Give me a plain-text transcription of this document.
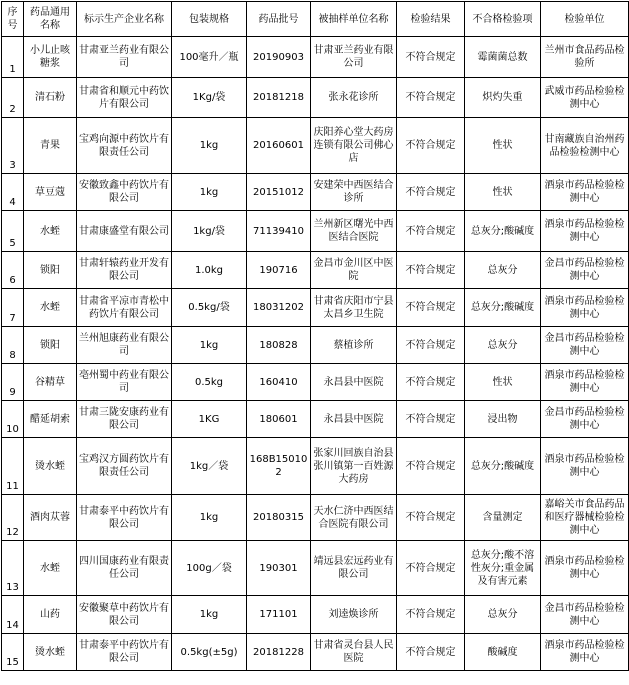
序号	药品通用名称	标示生产企业名称	包装规格	药品批号	被抽样单位名称	检验结果	不合格检验项	检验单位
1	小儿止咳糖浆	甘肃亚兰药业有限公司	100毫升／瓶	20190903	甘肃亚兰药业有限公司	不符合规定	霉菌菌总数	兰州市食品药品检验所
2	清石粉	甘肃省和顺元中药饮片有限公司	1Kg/袋	20181218	张永花诊所	不符合规定	炽灼失重	武威市药品检验检测中心
3	青果	宝鸡向源中药饮片有限责任公司	1kg	20160601	庆阳养心堂大药房连锁有限公司佛心店	不符合规定	性状	甘南藏族自治州药品检验检测中心
4	草豆蔻	安徽致鑫中药饮片有限公司	1kg	20151012	安建荣中西医结合诊所	不符合规定	性状	酒泉市药品检验检测中心
5	水蛭	甘肃康盛堂有限公司	1kg/袋	71139410	兰州新区曙光中西医结合医院	不符合规定	总灰分;酸碱度	酒泉市药品检验检测中心
6	锁阳	甘肃轩辕药业开发有限公司	1.0kg	190716	金昌市金川区中医院	不符合规定	总灰分	金昌市药品检验检测中心
7	水蛭	甘肃省平凉市青松中药饮片有限公司	0.5kg/袋	18031202	甘肃省庆阳市宁县太昌乡卫生院	不符合规定	总灰分;酸碱度	酒泉市药品检验检测中心
8	锁阳	兰州旭康药业有限公司	1kg	180828	蔡植诊所	不符合规定	总灰分	金昌市药品检验检测中心
9	谷精草	亳州蜀中药业有限公司	0.5kg	160410	永昌县中医院	不符合规定	性状	酒泉市药品检验检测中心
10	醋延胡索	甘肃三陇安康药业有限公司	1KG	180601	永昌县中医院	不符合规定	浸出物	金昌市药品检验检测中心
11	烫水蛭	宝鸡汉方圆药饮片有限责任公司	1kg／袋	168B150102	张家川回族自治县张川镇第一百姓源大药房	不符合规定	总灰分;酸碱度	酒泉市药品检验检测中心
12	酒肉苁蓉	甘肃泰平中药饮片有限公司	1kg	20180315	天水仁济中西医结合医院有限公司	不符合规定	含量测定	嘉峪关市食品药品和医疗器械检验检测中心
13	水蛭	四川国康药业有限责任公司	100g／袋	190301	靖远县宏远药业有限公司	不符合规定	总灰分;酸不溶性灰分;重金属及有害元素	酒泉市药品检验检测中心
14	山药	安徽聚草中药饮片有限公司	1kg	171101	刘逵焕诊所	不符合规定	总灰分	金昌市药品检验检测中心
15	烫水蛭	甘肃泰平中药饮片有限公司	0.5kg(±5g)	20181228	甘肃省灵台县人民医院	不符合规定	酸碱度	酒泉市药品检验检测中心
